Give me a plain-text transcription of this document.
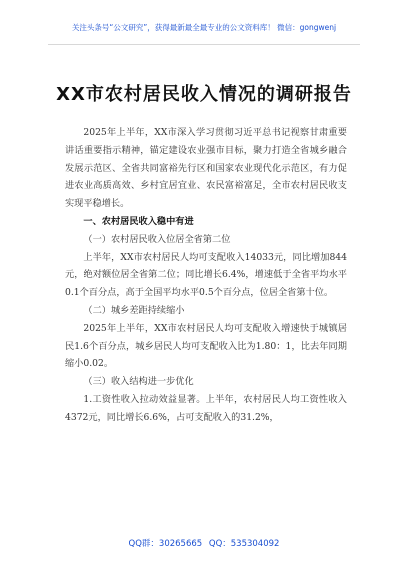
关注头条号“公文研究”，获得最新最全最专业的公文资料库！ 微信：gongwenj
XX市农村居民收入情况的调研报告

2025年上半年，XX市深入学习贯彻习近平总书记视察甘肃重要讲话重要指示精神，锚定建设农业强市目标，聚力打造全省城乡融合发展示范区、全省共同富裕先行区和国家农业现代化示范区，有力促进农业高质高效、乡村宜居宜业、农民富裕富足，全市农村居民收支实现平稳增长。

一、农村居民收入稳中有进

（一）农村居民收入位居全省第二位

上半年，XX市农村居民人均可支配收入14033元，同比增加844元，绝对额位居全省第二位；同比增长6.4%，增速低于全省平均水平0.1个百分点，高于全国平均水平0.5个百分点，位居全省第十位。

（二）城乡差距持续缩小

2025年上半年，XX市农村居民人均可支配收入增速快于城镇居民1.6个百分点，城乡居民人均可支配收入比为1.80：1，比去年同期缩小0.02。

（三）收入结构进一步优化

1.工资性收入拉动效益显著。上半年，农村居民人均工资性收入4372元，同比增长6.6%，占可支配收入的31.2%，

QQ群：30265665 QQ：535304092
